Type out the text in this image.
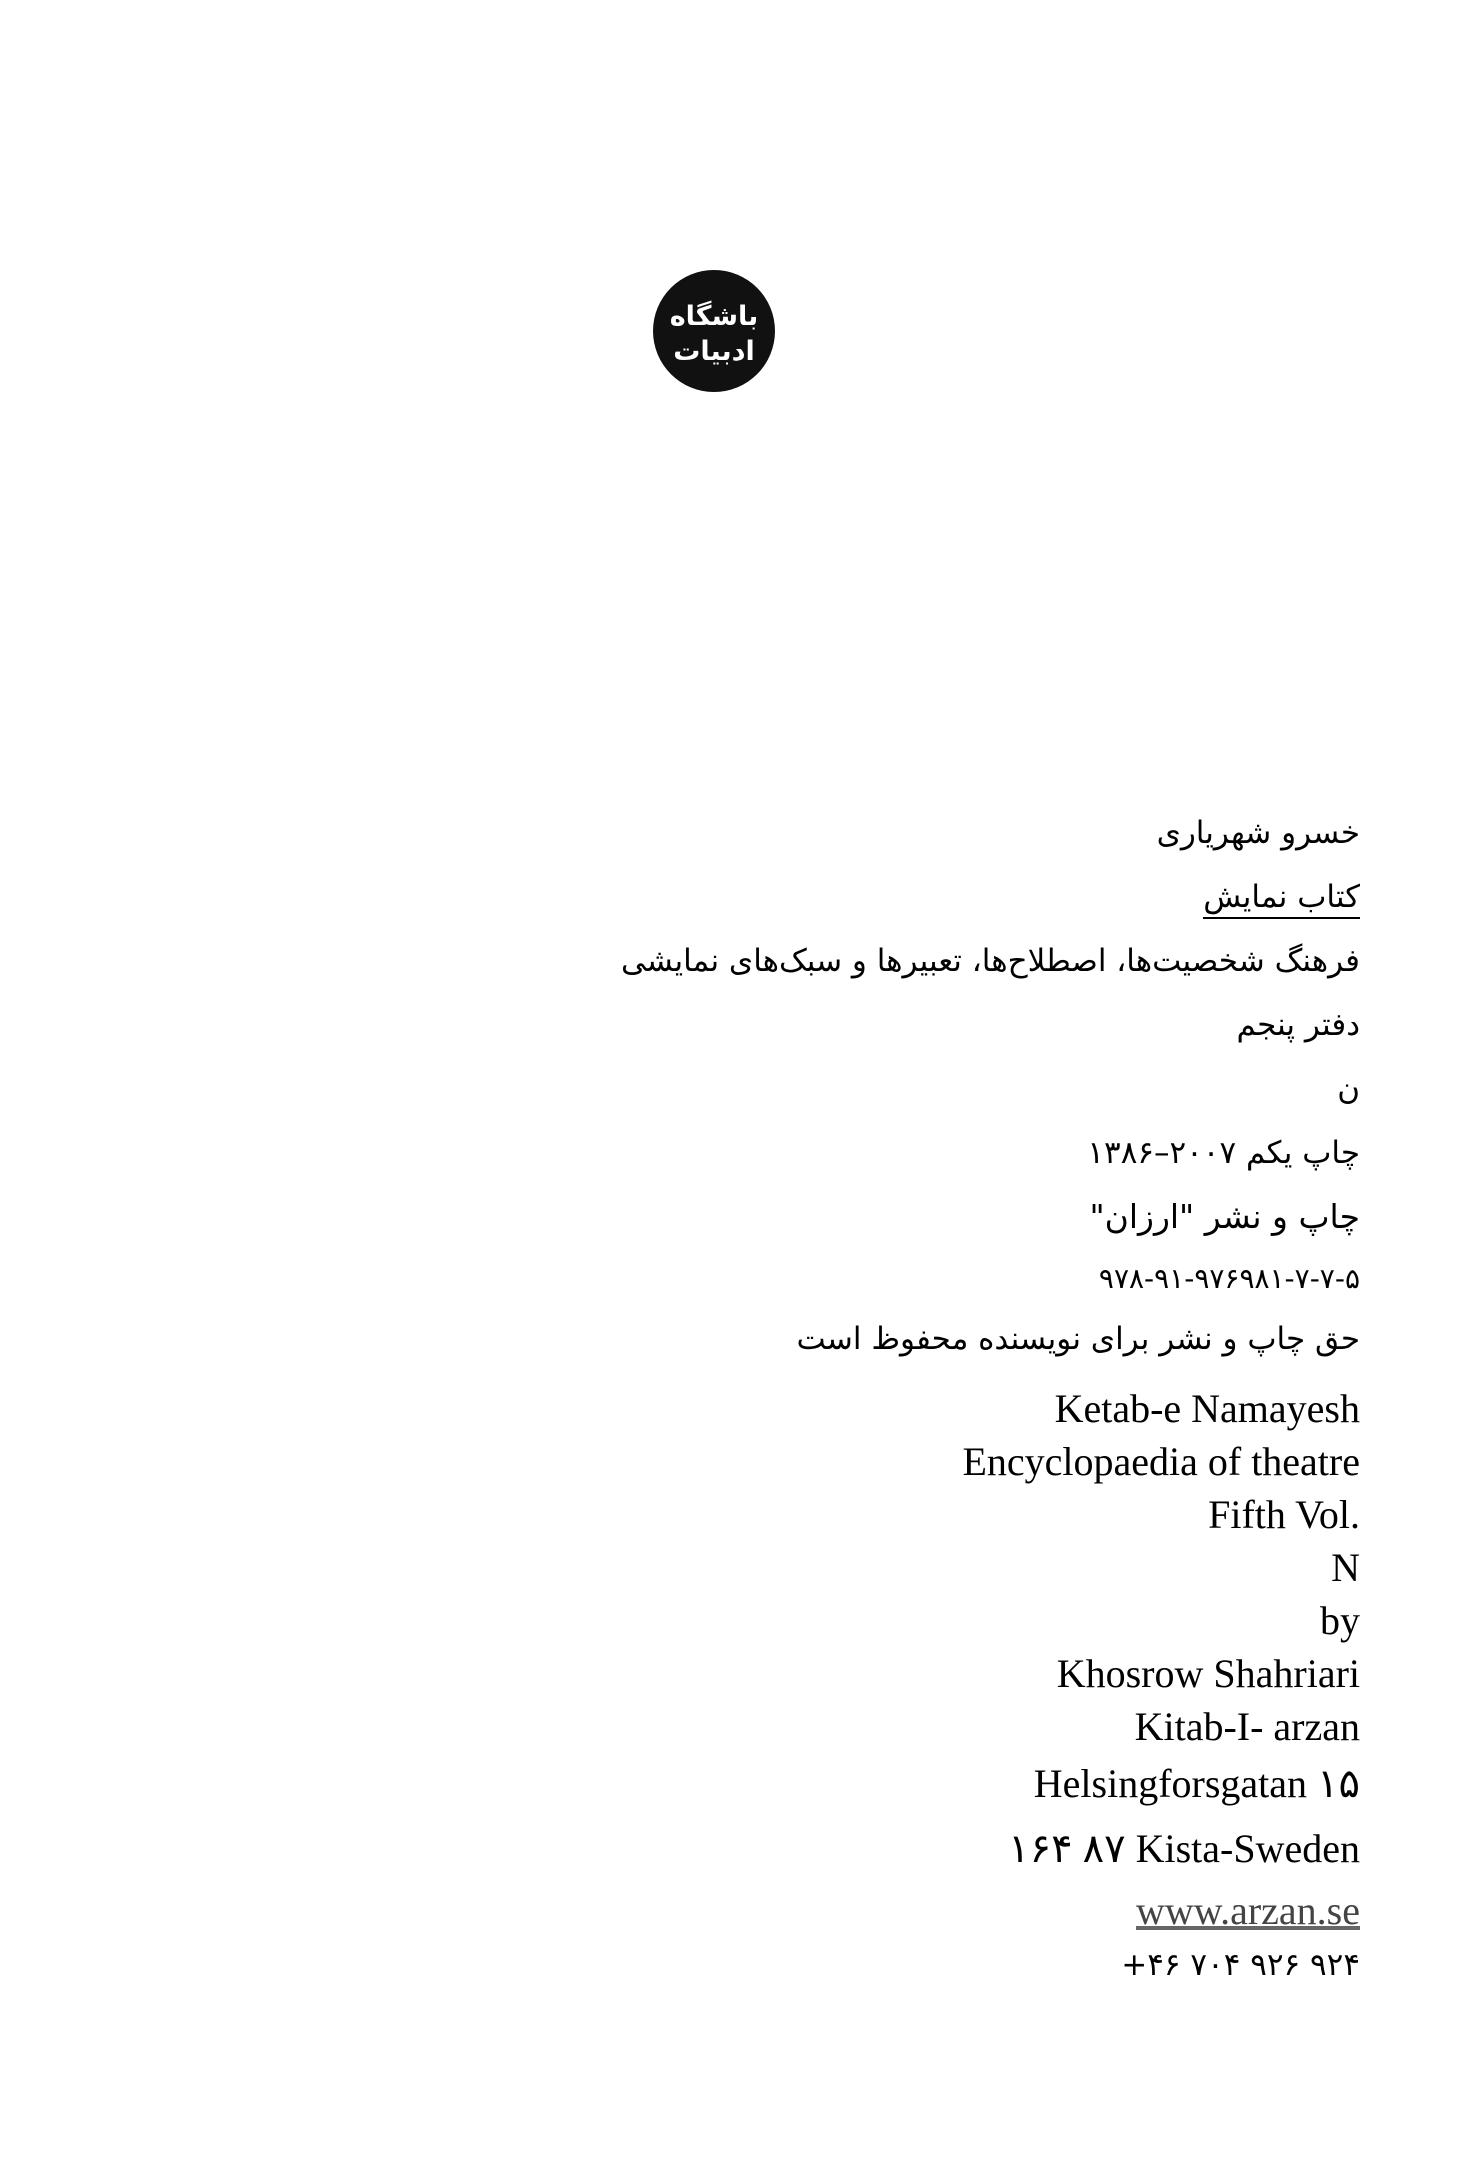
باشگاه
ادبیات
خسرو شهریاری
کتاب نمایش
فرهنگ شخصیت‌ها، اصطلاح‌ها، تعبیرها و سبک‌های نمایشی
دفتر پنجم
ن
چاپ یکم ۲۰۰۷–۱۳۸۶
چاپ و نشر "ارزان"
۹۷۸-۹۱-۹۷۶۹۸۱-۷-۷-۵
حق چاپ و نشر برای نویسنده محفوظ است
Ketab-e Namayesh
Encyclopaedia of theatre
Fifth Vol.
N
by
Khosrow Shahriari
Kitab-I- arzan
Helsingforsgatan ۱۵
۱۶۴ ۸۷ Kista-Sweden
www.arzan.se
+۴۶ ۷۰۴ ۹۲۶ ۹۲۴
